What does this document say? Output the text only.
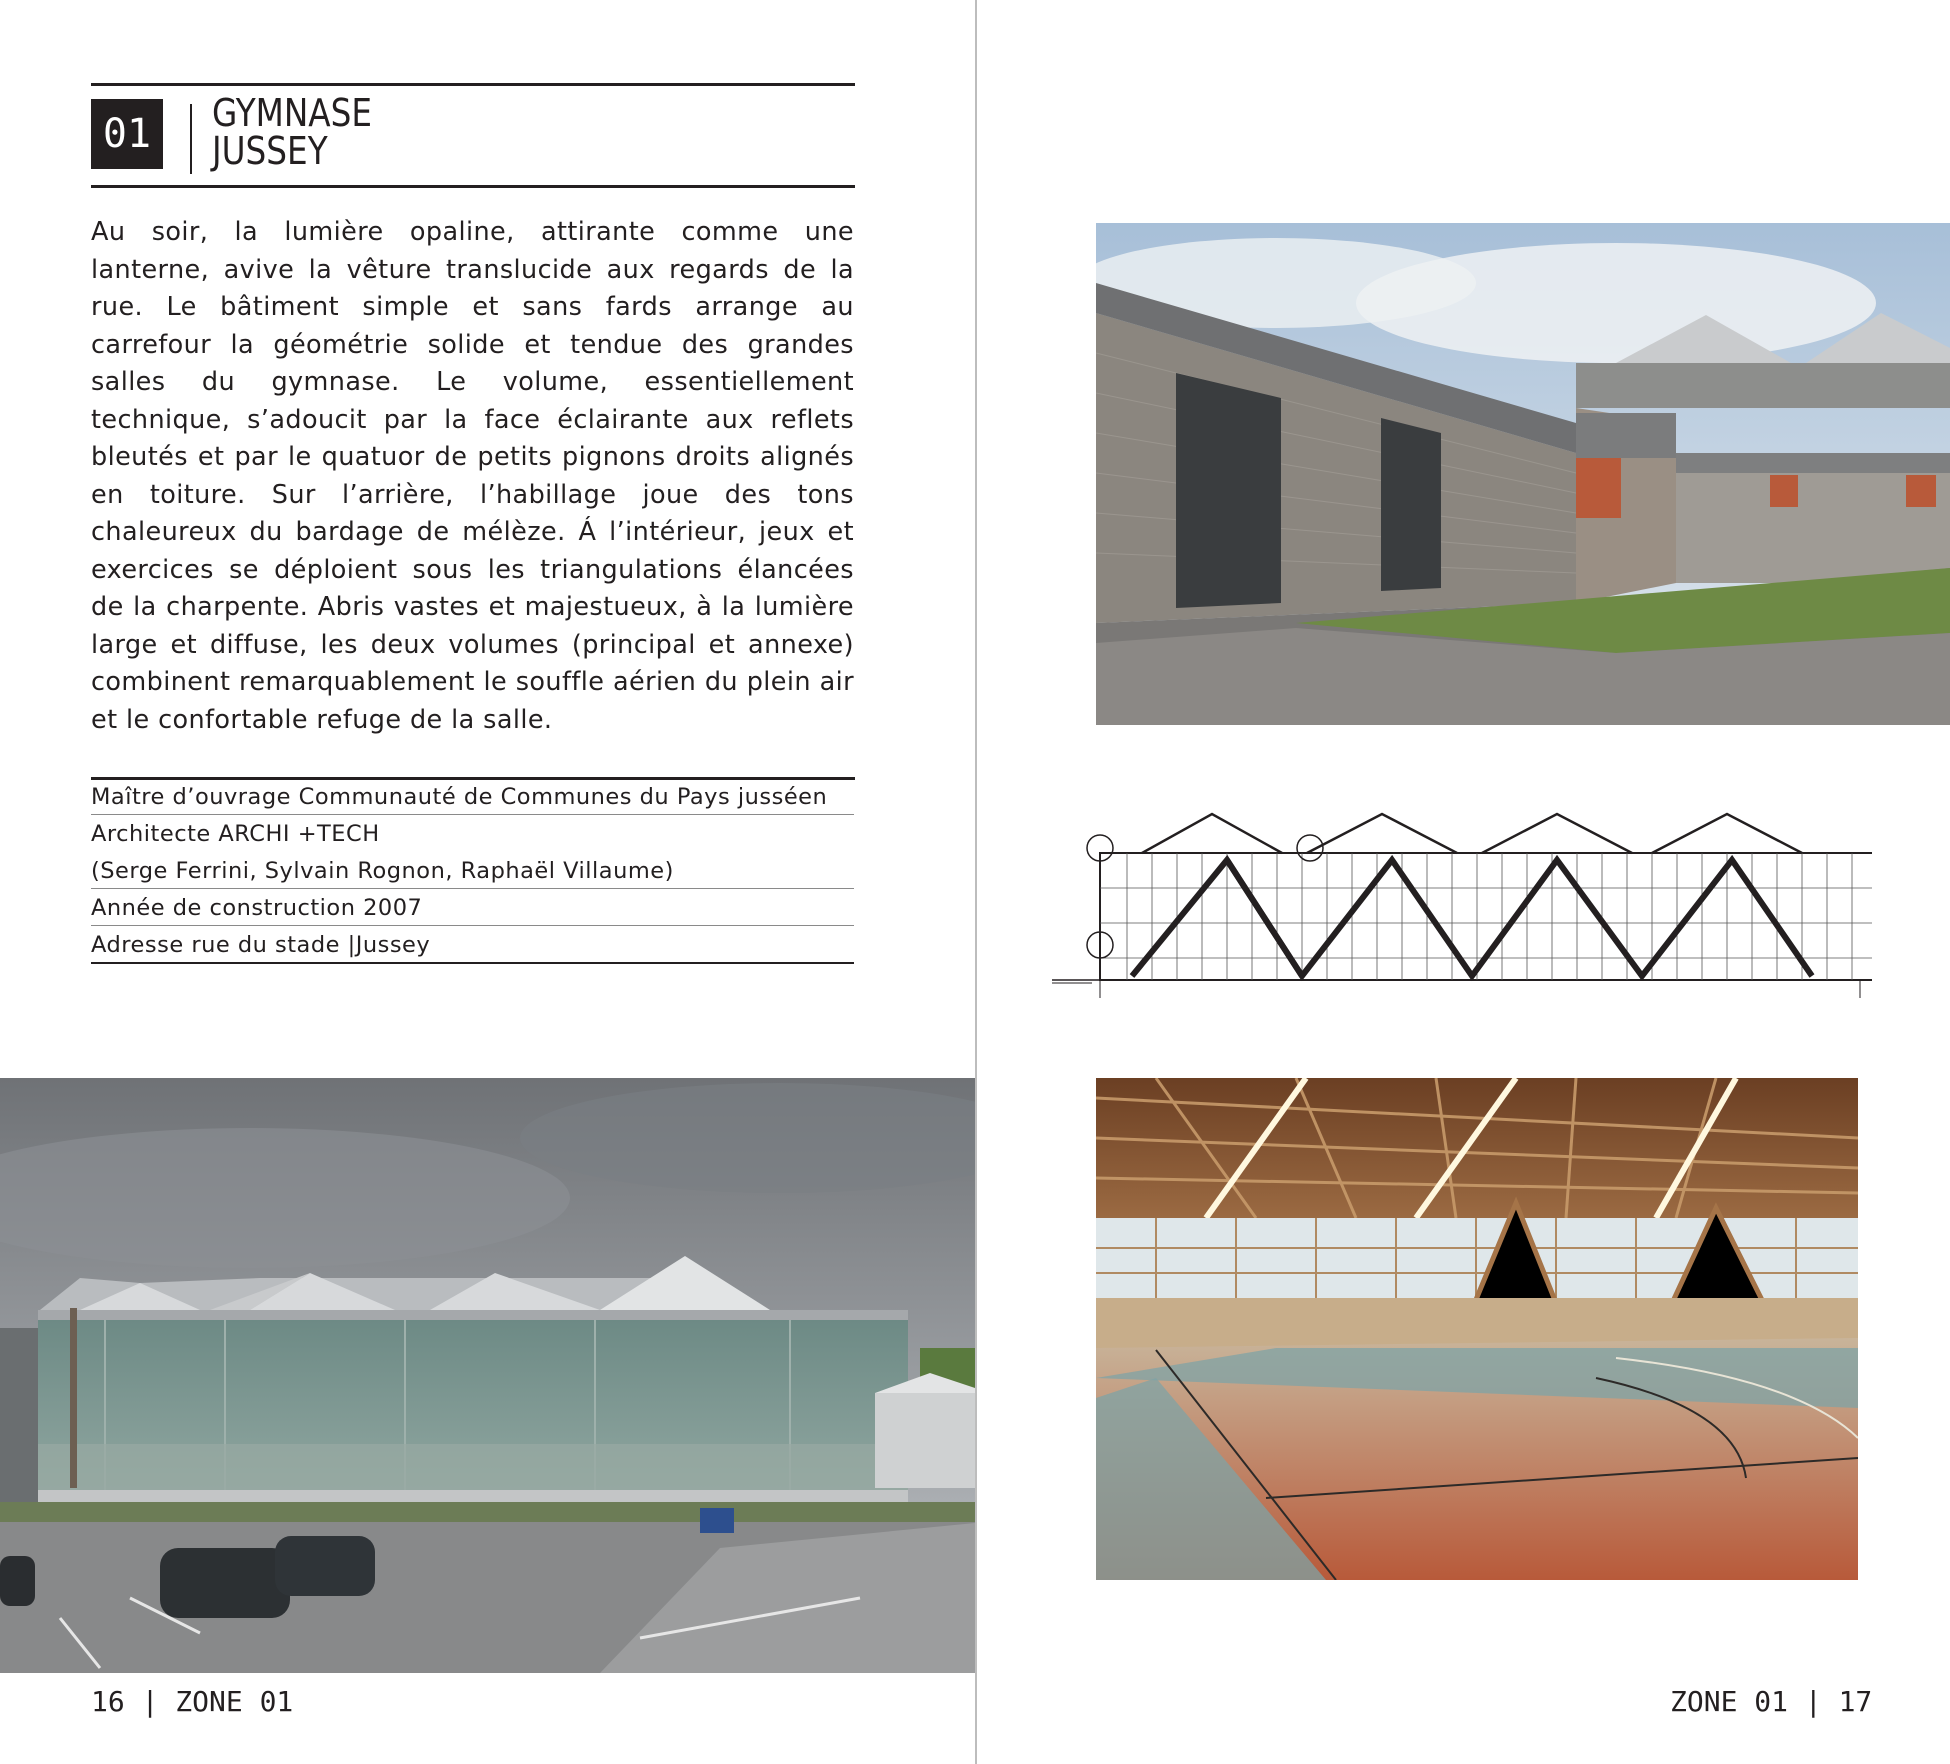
01	GYMNASE
JUSSEY

Au soir, la lumière opaline, attirante comme une lanterne, avive la vêture translucide aux regards de la rue. Le bâtiment simple et sans fards arrange au carrefour la géométrie solide et tendue des grandes salles du gymnase. Le volume, essentiellement technique, s’adoucit par la face éclairante aux reflets bleutés et par le quatuor de petits pignons droits alignés en toiture. Sur l’arrière, l’habillage joue des tons chaleureux du bardage de mélèze. Á l’intérieur, jeux et exercices se déploient sous les triangulations élancées de la charpente. Abris vastes et majestueux, à la lumière large et diffuse, les deux volumes (principal et annexe) combinent remarquablement le souffle aérien du plein air et le confortable refuge de la salle.

Maître d’ouvrage Communauté de Communes du Pays jusséen
Architecte ARCHI +TECH
(Serge Ferrini, Sylvain Rognon, Raphaël Villaume)
Année de construction 2007
Adresse rue du stade |Jussey
16 | ZONE 01	ZONE 01 | 17
